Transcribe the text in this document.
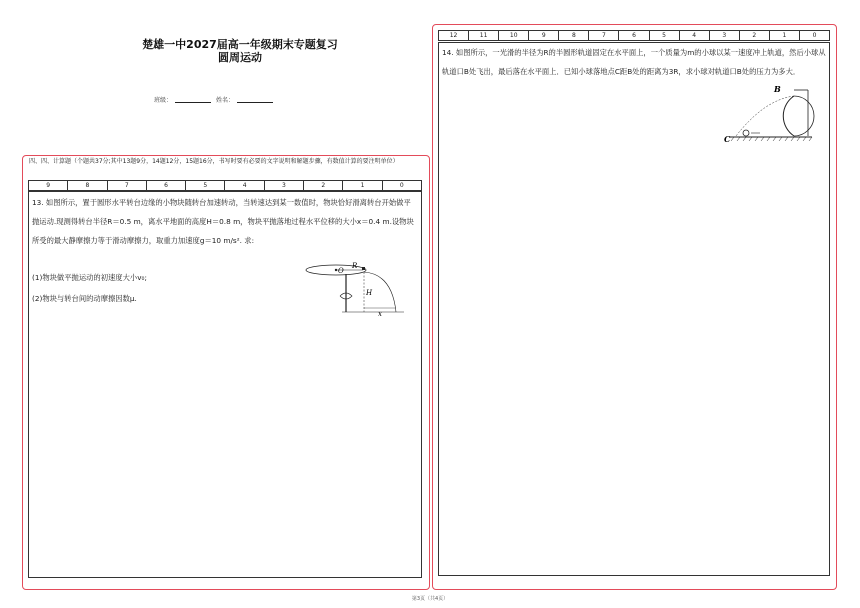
楚雄一中2027届高一年级期末专题复习
圆周运动
班级：	姓名：
四、四、计算题（个题共37分;其中13题9分，14题12分，15题16分，书写时要有必要的文字说明和解题步骤，有数值计算的要注明单位）
9	8	7	6	5	4	3	2	1	0
13. 如图所示，置于圆形水平转台边缘的小物块随转台加速转动，当转速达到某一数值时，物块恰好滑离转台开始做平抛运动.现测得转台半径R＝0.5 m，离水平地面的高度H＝0.8 m，物块平抛落地过程水平位移的大小x＝0.4 m.设物块所受的最大静摩擦力等于滑动摩擦力，取重力加速度g＝10 m/s². 求:
(1)物块做平抛运动的初速度大小v₀;
(2)物块与转台间的动摩擦因数μ.
O
R
H
x
12	11	10	9	8	7	6	5	4	3	2	1	0
14. 如图所示，一光滑的半径为R的半圆形轨道固定在水平面上，一个质量为m的小球以某一速度冲上轨道，然后小球从轨道口B处飞出，最后落在水平面上．已知小球落地点C距B处的距离为3R，求小球对轨道口B处的压力为多大．
B
C
第3页（共4页）
